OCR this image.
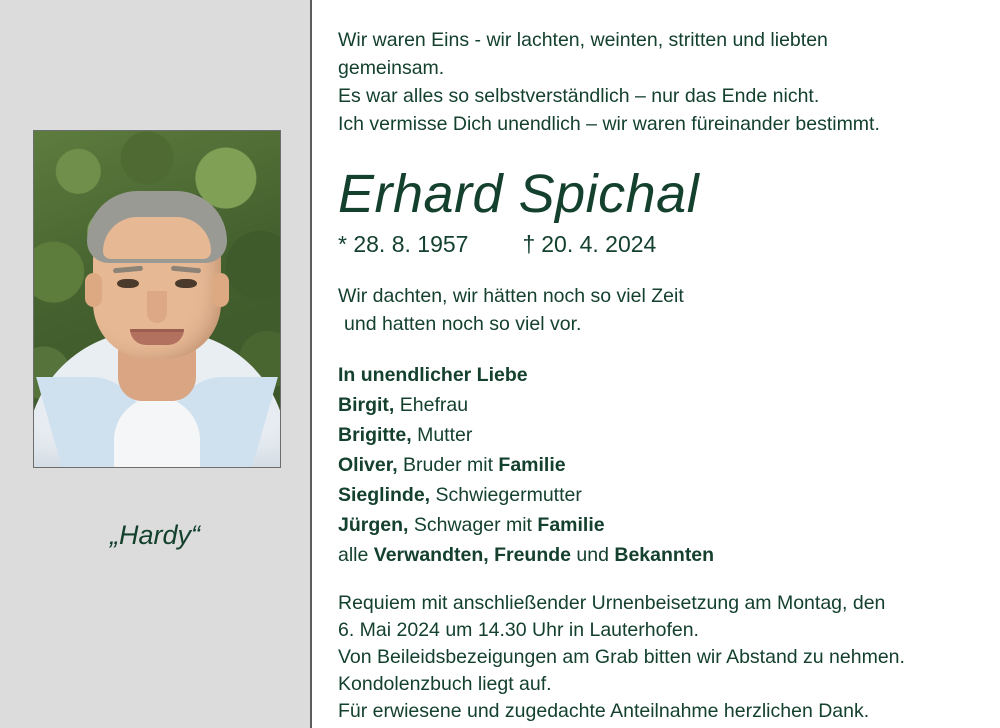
„Hardy“
Wir waren Eins - wir lachten, weinten, stritten und liebten
gemeinsam.
Es war alles so selbstverständlich – nur das Ende nicht.
Ich vermisse Dich unendlich – wir waren füreinander bestimmt.
Erhard Spichal
* 28. 8. 1957 † 20. 4. 2024
Wir dachten, wir hätten noch so viel Zeit
und hatten noch so viel vor.
In unendlicher Liebe
Birgit, Ehefrau
Brigitte, Mutter
Oliver, Bruder mit Familie
Sieglinde, Schwiegermutter
Jürgen, Schwager mit Familie
alle Verwandten, Freunde und Bekannten
Requiem mit anschließender Urnenbeisetzung am Montag, den
6. Mai 2024 um 14.30 Uhr in Lauterhofen.
Von Beileidsbezeigungen am Grab bitten wir Abstand zu nehmen.
Kondolenzbuch liegt auf.
Für erwiesene und zugedachte Anteilnahme herzlichen Dank.
